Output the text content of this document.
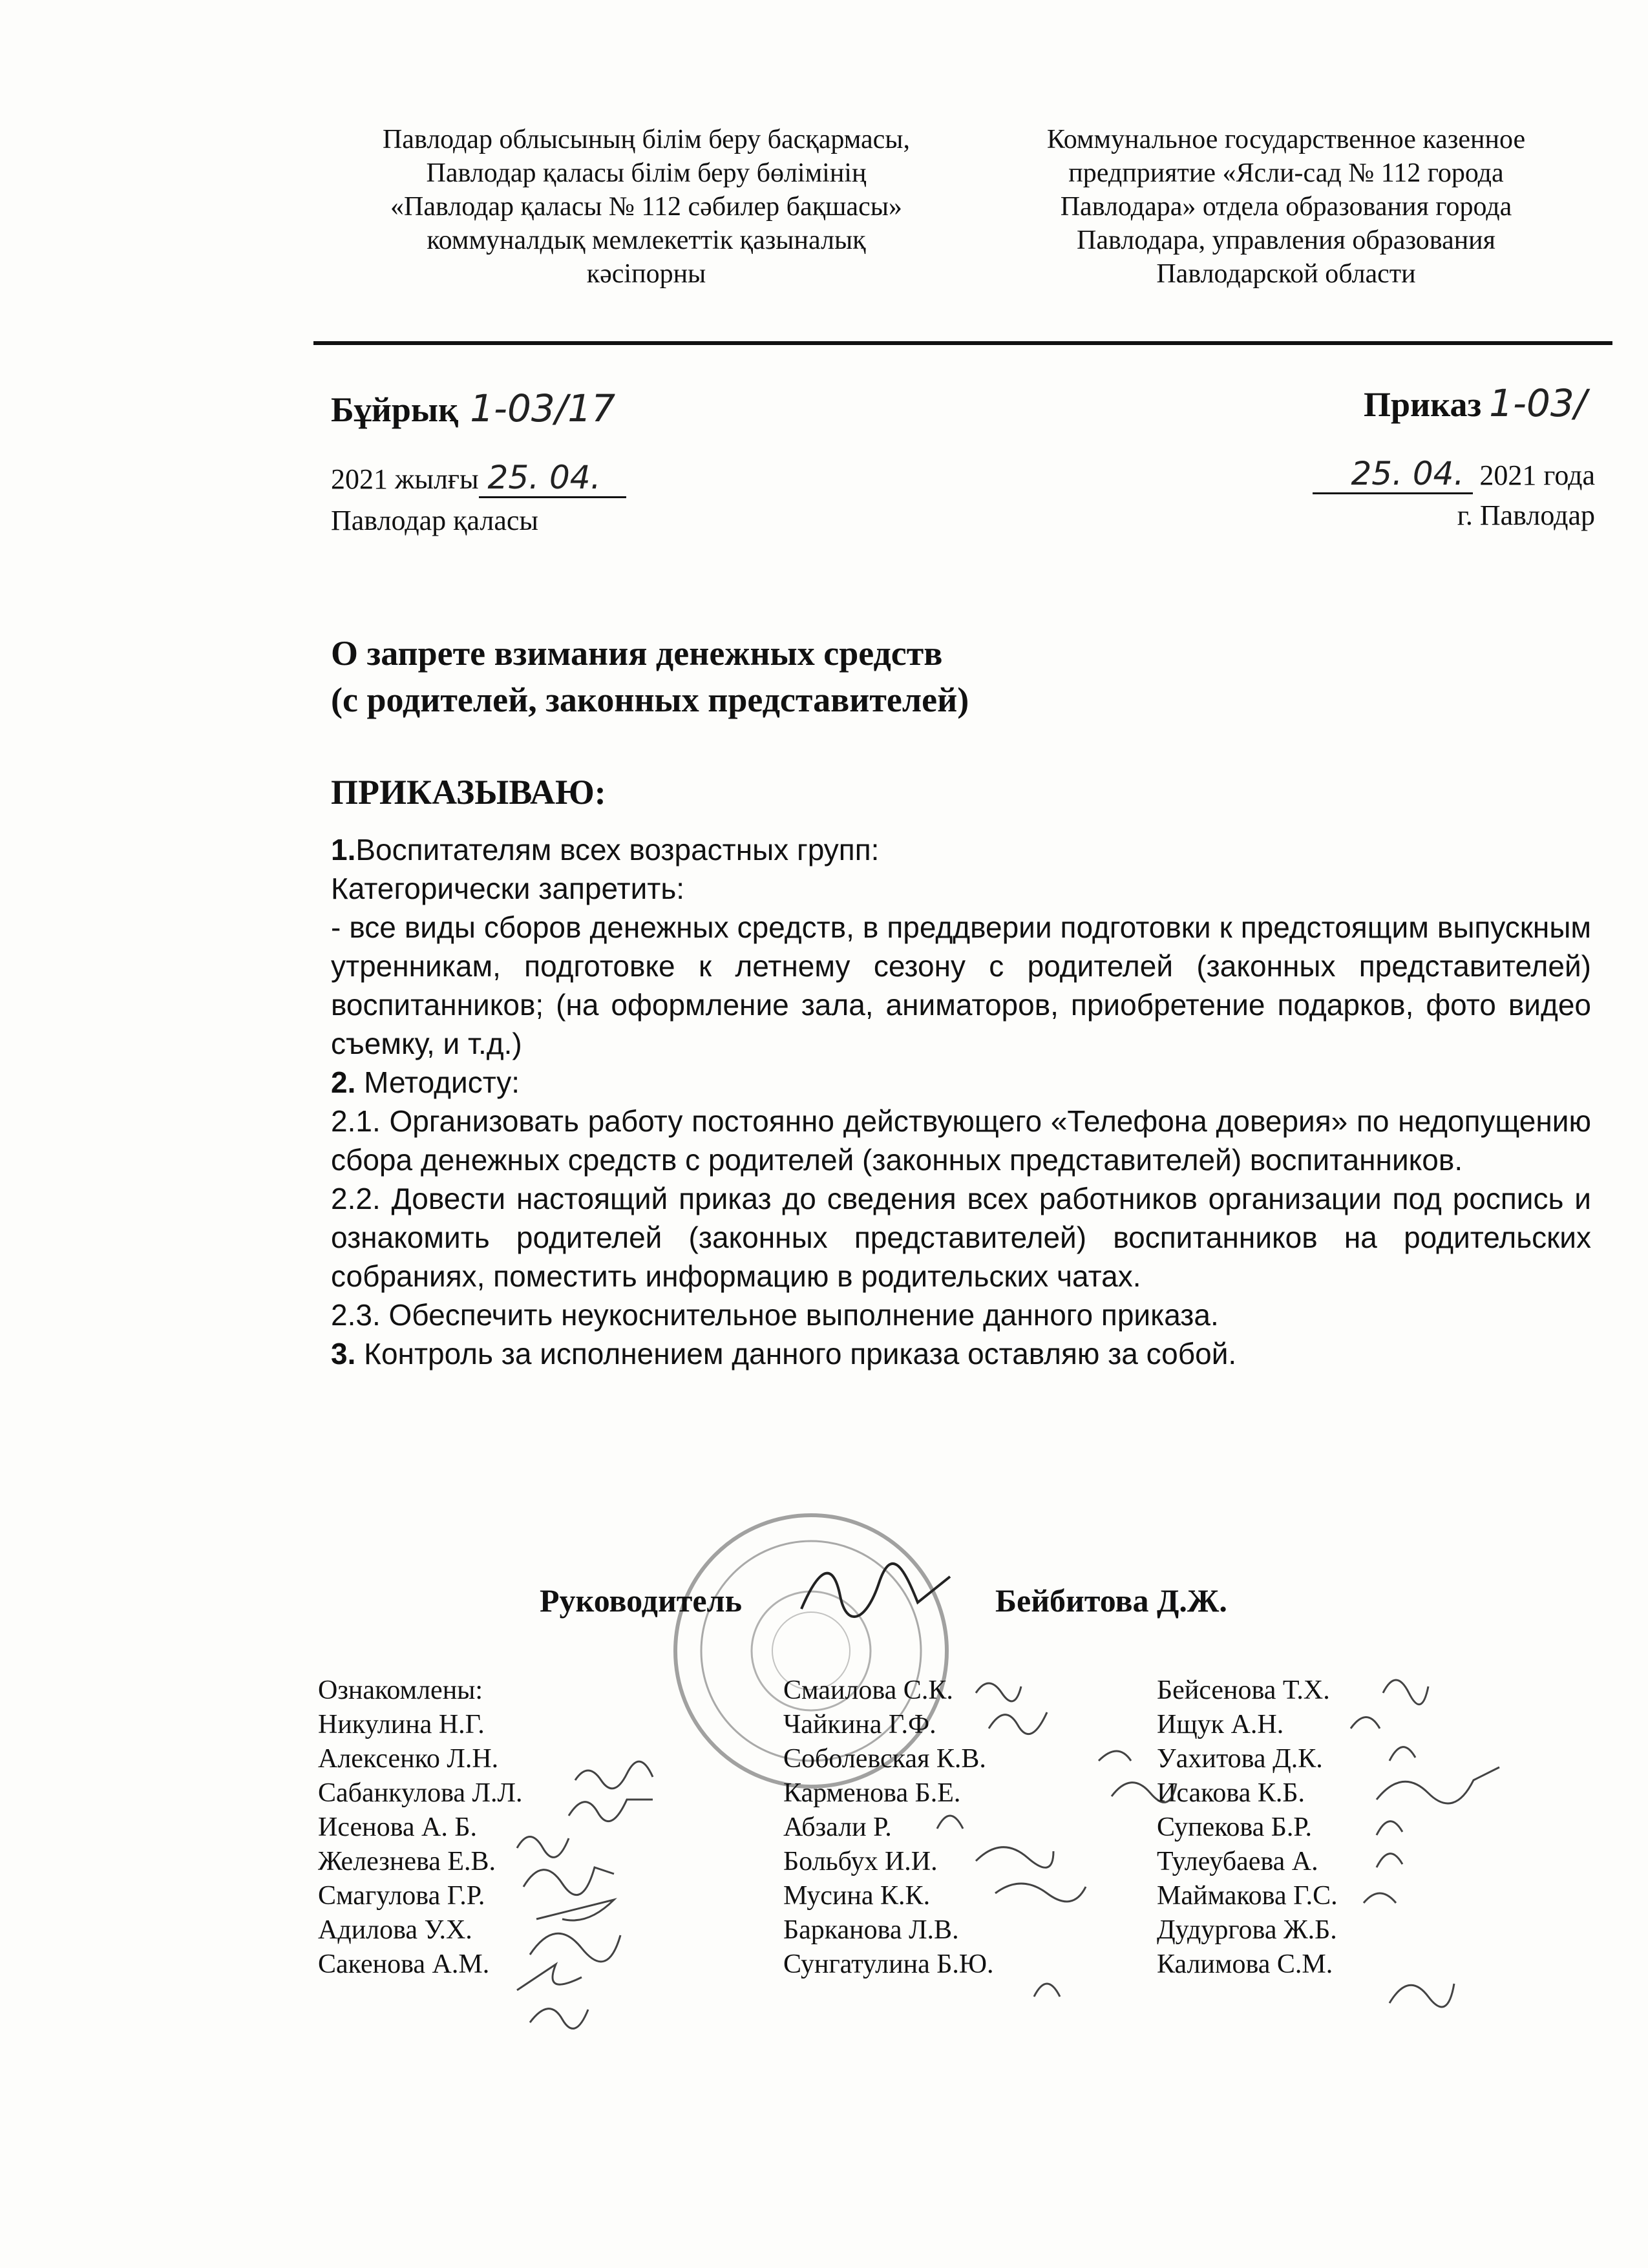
Павлодар облысының білім беру басқармасы,
Павлодар қаласы білім беру бөлімінің
«Павлодар қаласы № 112 сәбилер бақшасы»
коммуналдық мемлекеттік қазыналық
кәсіпорны
Коммунальное государственное казенное
предприятие «Ясли-сад № 112 города
Павлодара» отдела образования города
Павлодара, управления образования
Павлодарской области
Бұйрық 1-03/17	Приказ 1-03/
2021 жылғы 25. 04.
Павлодар қаласы
25. 04. 2021 года
г. Павлодар
О запрете взимания денежных средств
(с родителей, законных представителей)
ПРИКАЗЫВАЮ:

1.Воспитателям всех возрастных групп:

Категорически запретить:

- все виды сборов денежных средств, в преддверии подготовки к предстоящим выпускным утренникам, подготовке к летнему сезону с родителей (законных представителей) воспитанников; (на оформление зала, аниматоров, приобретение подарков, фото видео съемку, и т.д.)

2. Методисту:

2.1. Организовать работу постоянно действующего «Телефона доверия» по недопущению сбора денежных средств с родителей (законных представителей) воспитанников.

2.2. Довести настоящий приказ до сведения всех работников организации под роспись и ознакомить родителей (законных представителей) воспитанников на родительских собраниях, поместить информацию в родительских чатах.

2.3. Обеспечить неукоснительное выполнение данного приказа.

3. Контроль за исполнением данного приказа оставляю за собой.

Руководитель	Бейбитова Д.Ж.
Ознакомлены:
Никулина Н.Г.
Алексенко Л.Н.
Сабанкулова Л.Л.
Исенова А. Б.
Железнева Е.В.
Смагулова Г.Р.
Адилова У.Х.
Сакенова А.М.
Смаилова С.К.
Чайкина Г.Ф.
Соболевская К.В.
Карменова Б.Е.
Абзали Р.
Больбух И.И.
Мусина К.К.
Барканова Л.В.
Сунгатулина Б.Ю.
Бейсенова Т.Х.
Ищук А.Н.
Уахитова Д.К.
Исакова К.Б.
Супекова Б.Р.
Тулеубаева А.
Маймакова Г.С.
Дудургова Ж.Б.
Калимова С.М.
